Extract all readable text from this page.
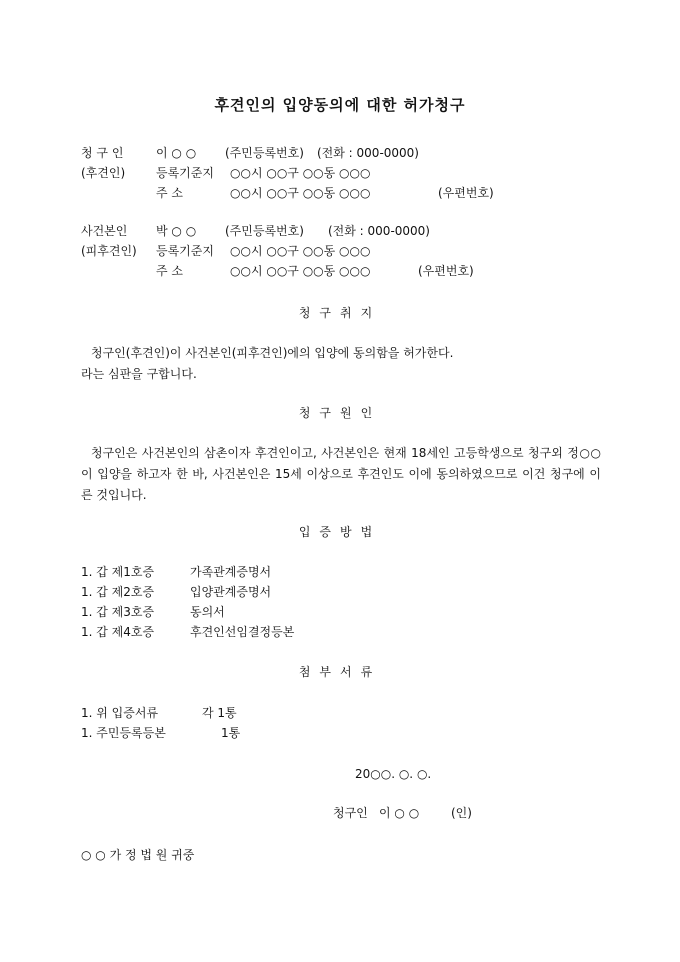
후견인의 입양동의에 대한 허가청구
청 구 인	이 ○ ○ (주민등록번호) (전화 : 000-0000)
(후견인)	등록기준지 ○○시 ○○구 ○○동 ○○○
주 소	○○시 ○○구 ○○동 ○○○	(우편번호)
사건본인 박 ○ ○ (주민등록번호) (전화 : 000-0000)
(피후견인) 등록기준지 ○○시 ○○구 ○○동 ○○○
주 소	○○시 ○○구 ○○동 ○○○	(우편번호)
청구취지
청구인(후견인)이 사건본인(피후견인)에의 입양에 동의함을 허가한다.
라는 심판을 구합니다.
청구원인

청구인은 사건본인의 삼촌이자 후견인이고, 사건본인은 현재 18세인 고등학생으로 청구외 정○○이 입양을 하고자 한 바, 사건본인은 15세 이상으로 후견인도 이에 동의하였으므로 이건 청구에 이른 것입니다.

입증방법
1. 갑 제1호증	가족관계증명서
1. 갑 제2호증	입양관계증명서
1. 갑 제3호증	동의서
1. 갑 제4호증	후견인선임결정등본
첨부서류
1. 위 입증서류	각 1통
1. 주민등록등본	1통
20○○. ○. ○.
청구인 이 ○ ○	(인)
○ ○ 가 정 법 원 귀중
